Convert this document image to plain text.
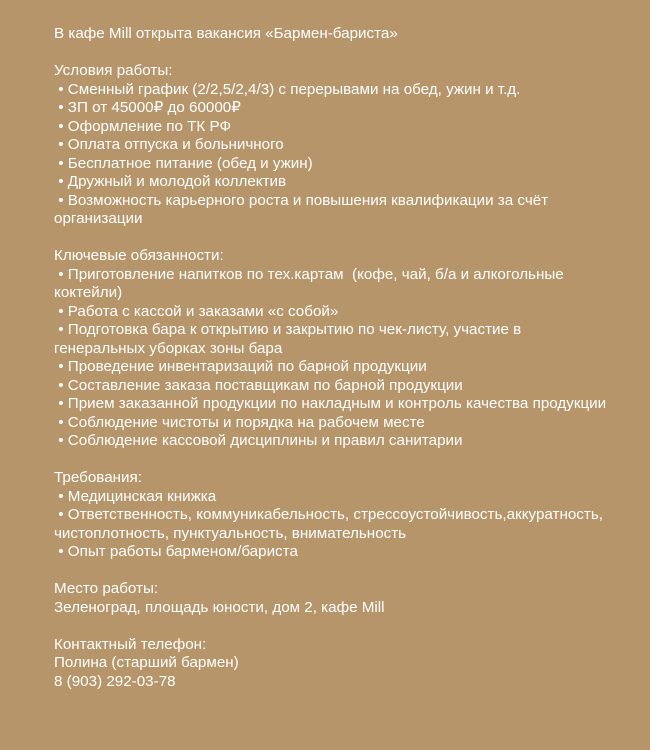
В кафе Mill открыта вакансия «Бармен-бариста»
Условия работы:
• Сменный график (2/2,5/2,4/3) с перерывами на обед, ужин и т.д.
• ЗП от 45000₽ до 60000₽
• Оформление по ТК РФ
• Оплата отпуска и больничного
• Бесплатное питание (обед и ужин)
• Дружный и молодой коллектив
• Возможность карьерного роста и повышения квалификации за счёт организации
Ключевые обязанности:
• Приготовление напитков по тех.картам  (кофе, чай, б/а и алкогольные коктейли)
• Работа с кассой и заказами «с собой»
• Подготовка бара к открытию и закрытию по чек-листу, участие в генеральных уборках зоны бара
• Проведение инвентаризаций по барной продукции
• Составление заказа поставщикам по барной продукции
• Прием заказанной продукции по накладным и контроль качества продукции
• Соблюдение чистоты и порядка на рабочем месте
• Соблюдение кассовой дисциплины и правил санитарии
Требования:
• Медицинская книжка
• Ответственность, коммуникабельность, стрессоустойчивость,аккуратность, чистоплотность, пунктуальность, внимательность
• Опыт работы барменом/бариста
Место работы:
Зеленоград, площадь юности, дом 2, кафе Mill
Контактный телефон:
Полина (старший бармен)
8 (903) 292-03-78
